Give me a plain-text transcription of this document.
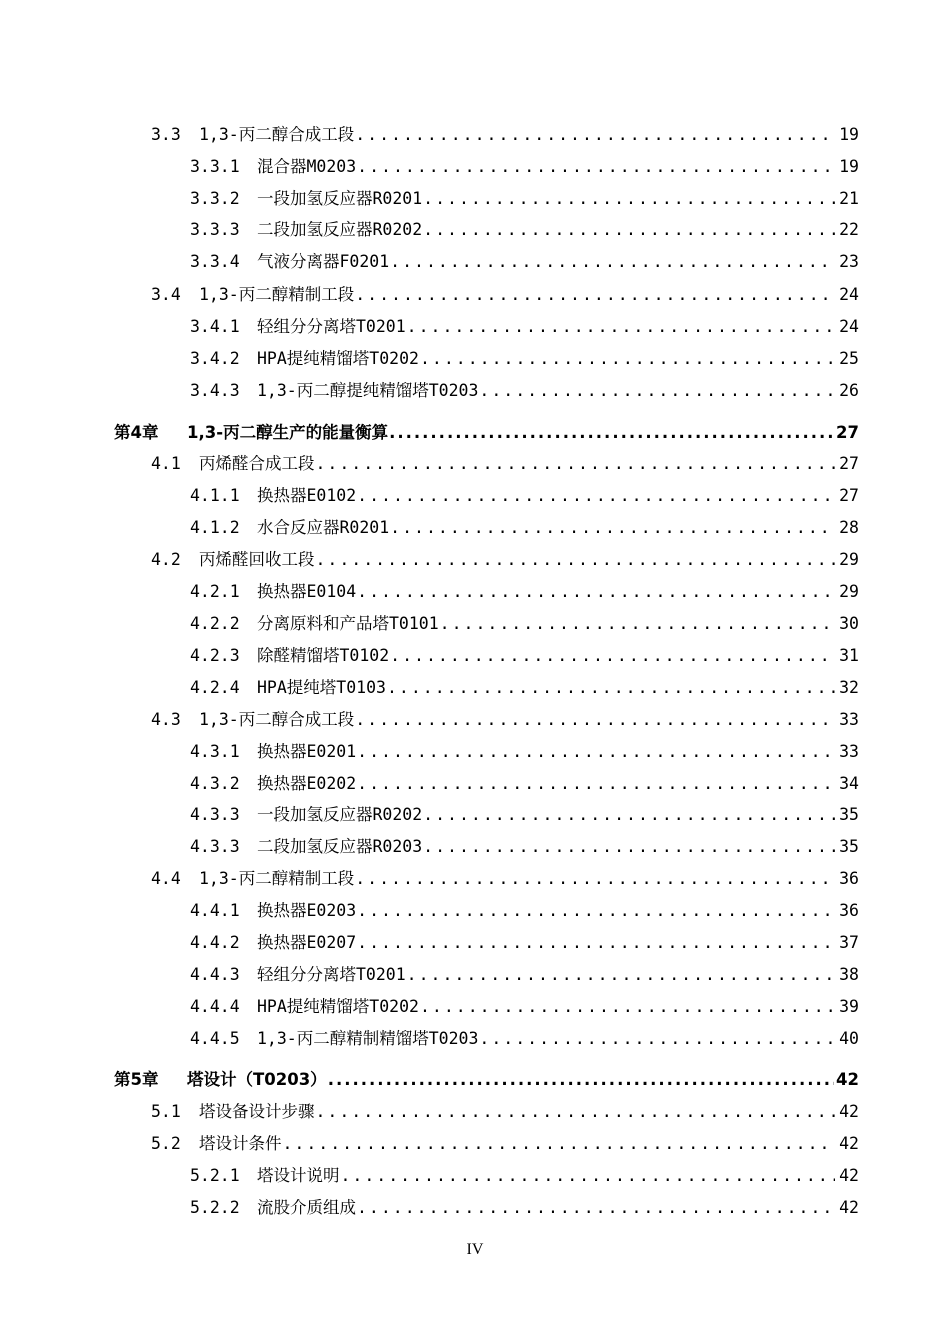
3.3	1,3-丙二醇合成工段 .....	19
3.3.1	混合器M0203 .....	19
3.3.2	一段加氢反应器R0201 .....	21
3.3.3	二段加氢反应器R0202 .....	22
3.3.4	气液分离器F0201 .....	23
3.4	1,3-丙二醇精制工段 .....	24
3.4.1	轻组分分离塔T0201 .....	24
3.4.2	HPA提纯精馏塔T0202 .....	25
3.4.3	1,3-丙二醇提纯精馏塔T0203 .....	26
第4章	1,3-丙二醇生产的能量衡算 .....	27
4.1	丙烯醛合成工段 .....	27
4.1.1	换热器E0102 .....	27
4.1.2	水合反应器R0201 .....	28
4.2	丙烯醛回收工段 .....	29
4.2.1	换热器E0104 .....	29
4.2.2	分离原料和产品塔T0101 .....	30
4.2.3	除醛精馏塔T0102 .....	31
4.2.4	HPA提纯塔T0103 .....	32
4.3	1,3-丙二醇合成工段 .....	33
4.3.1	换热器E0201 .....	33
4.3.2	换热器E0202 .....	34
4.3.3	一段加氢反应器R0202 .....	35
4.3.3	二段加氢反应器R0203 .....	35
4.4	1,3-丙二醇精制工段 .....	36
4.4.1	换热器E0203 .....	36
4.4.2	换热器E0207 .....	37
4.4.3	轻组分分离塔T0201 .....	38
4.4.4	HPA提纯精馏塔T0202 .....	39
4.4.5	1,3-丙二醇精制精馏塔T0203 .....	40
第5章	塔设计（T0203） .....	42
5.1	塔设备设计步骤 .....	42
5.2	塔设计条件 .....	42
5.2.1	塔设计说明 .....	42
5.2.2	流股介质组成 .....	42
IV
